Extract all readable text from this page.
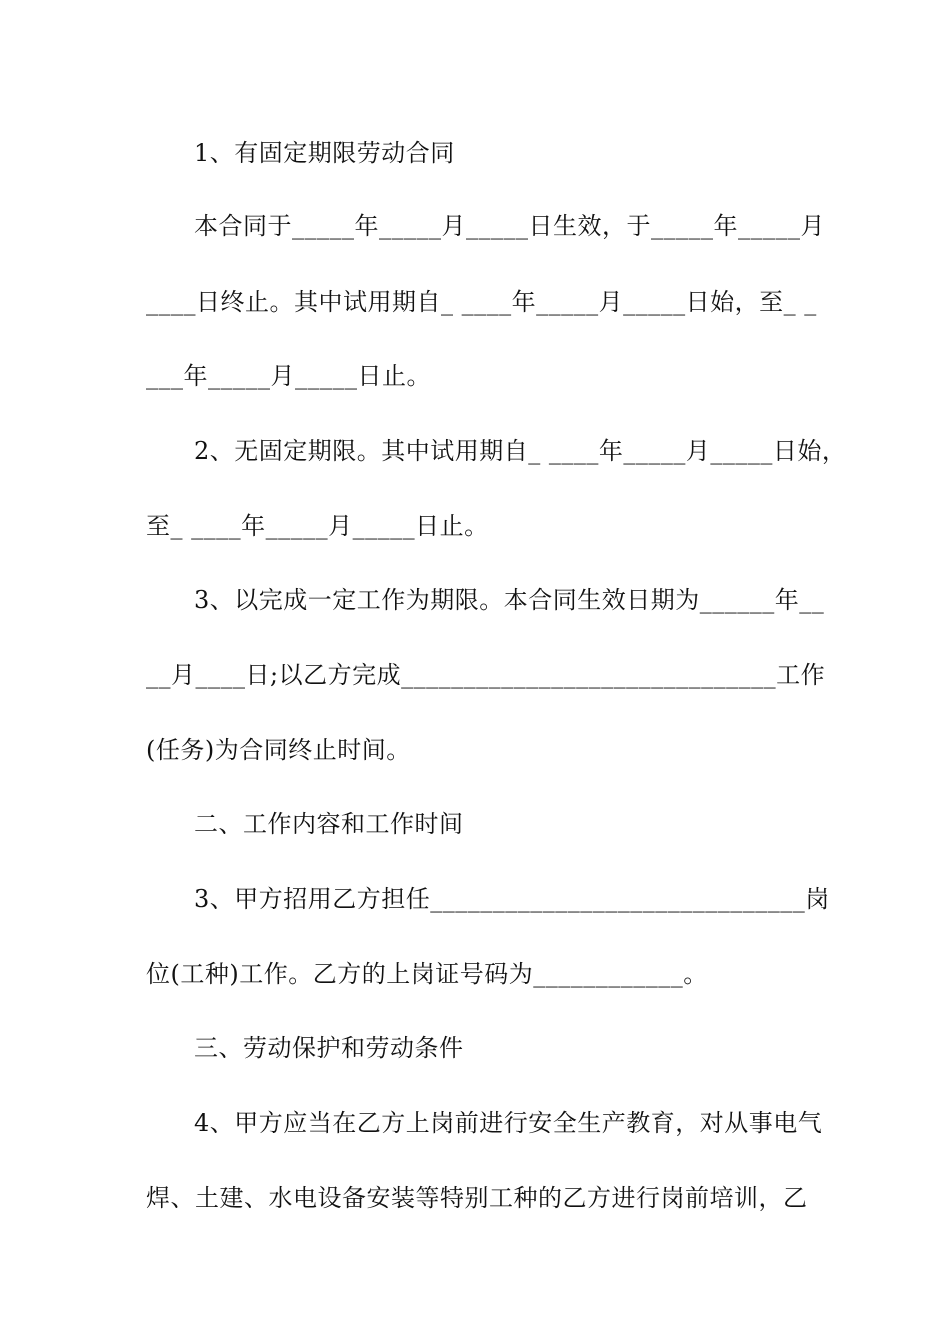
1、有固定期限劳动合同
本合同于_____年_____月_____日生效，于_____年_____月
____日终止。其中试用期自_ ____年_____月_____日始，至_ _
___年_____月_____日止。
2、无固定期限。其中试用期自_ ____年_____月_____日始，
至_ ____年_____月_____日止。
3、以完成一定工作为期限。本合同生效日期为______年__
__月____日;以乙方完成______________________________工作
(任务)为合同终止时间。
二、工作内容和工作时间
3、甲方招用乙方担任______________________________岗
位(工种)工作。乙方的上岗证号码为____________。
三、劳动保护和劳动条件
4、甲方应当在乙方上岗前进行安全生产教育，对从事电气
焊、土建、水电设备安装等特别工种的乙方进行岗前培训，乙
